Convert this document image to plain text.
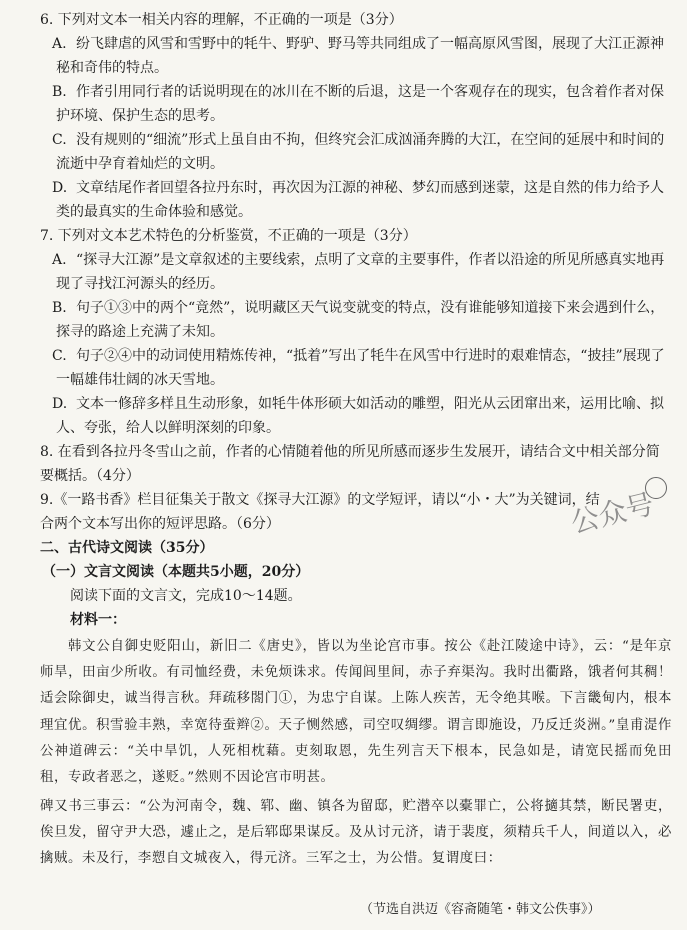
6. 下列对文本一相关内容的理解，不正确的一项是（3分）

A. 纷飞肆虐的风雪和雪野中的牦牛、野驴、野马等共同组成了一幅高原风雪图，展现了大江正源神秘和奇伟的特点。

B. 作者引用同行者的话说明现在的冰川在不断的后退，这是一个客观存在的现实，包含着作者对保护环境、保护生态的思考。

C. 没有规则的“细流”形式上虽自由不拘，但终究会汇成汹涌奔腾的大江，在空间的延展中和时间的流逝中孕育着灿烂的文明。

D. 文章结尾作者回望各拉丹东时，再次因为江源的神秘、梦幻而感到迷蒙，这是自然的伟力给予人类的最真实的生命体验和感觉。

7. 下列对文本艺术特色的分析鉴赏，不正确的一项是（3分）

A. “探寻大江源”是文章叙述的主要线索，点明了文章的主要事件，作者以沿途的所见所感真实地再现了寻找江河源头的经历。

B. 句子①③中的两个“竟然”，说明藏区天气说变就变的特点，没有谁能够知道接下来会遇到什么，探寻的路途上充满了未知。

C. 句子②④中的动词使用精炼传神，“抵着”写出了牦牛在风雪中行进时的艰难情态，“披挂”展现了一幅雄伟壮阔的冰天雪地。

D. 文本一修辞多样且生动形象，如牦牛体形硕大如活动的雕塑，阳光从云团窜出来，运用比喻、拟人、夸张，给人以鲜明深刻的印象。

8. 在看到各拉丹冬雪山之前，作者的心情随着他的所见所感而逐步生发展开，请结合文中相关部分简要概括。（4分）

9.《一路书香》栏目征集关于散文《探寻大江源》的文学短评，请以“小・大”为关键词，结合两个文本写出你的短评思路。（6分）

二、古代诗文阅读（35分）
（一）文言文阅读（本题共5小题，20分）
阅读下面的文言文，完成10～14题。
材料一：

韩文公自御史贬阳山，新旧二《唐史》，皆以为坐论宫市事。按公《赴江陵途中诗》，云：“是年京师旱，田亩少所收。有司恤经费，未免烦诛求。传闻闾里间，赤子弃渠沟。我时出衢路，饿者何其稠！适会除御史，诚当得言秋。拜疏移閤门①，为忠宁自谋。上陈人疾苦，无令绝其喉。下言畿甸内，根本理宜优。积雪验丰熟，幸宽待蚕辫②。天子恻然感，司空叹绸缪。谓言即施设，乃反迁炎洲。”皇甫湜作公神道碑云：“关中旱饥，人死相枕藉。吏刻取恩，先生列言天下根本，民急如是，请宽民摇而免田租，专政者恶之，遂贬。”然则不因论宫市明甚。

碑又书三事云：“公为河南令，魏、郓、幽、镇各为留邸，贮潜卒以橐罪亡，公将擿其禁，断民署吏，俟旦发，留守尹大恐，遽止之，是后郓邸果谋反。及从讨元济，请于裴度，须精兵千人，间道以入，必擒贼。未及行，李愬自文城夜入，得元济。三军之士，为公惜。复谓度曰：

（节选自洪迈《容斋随笔・韩文公佚事》）
公众号
